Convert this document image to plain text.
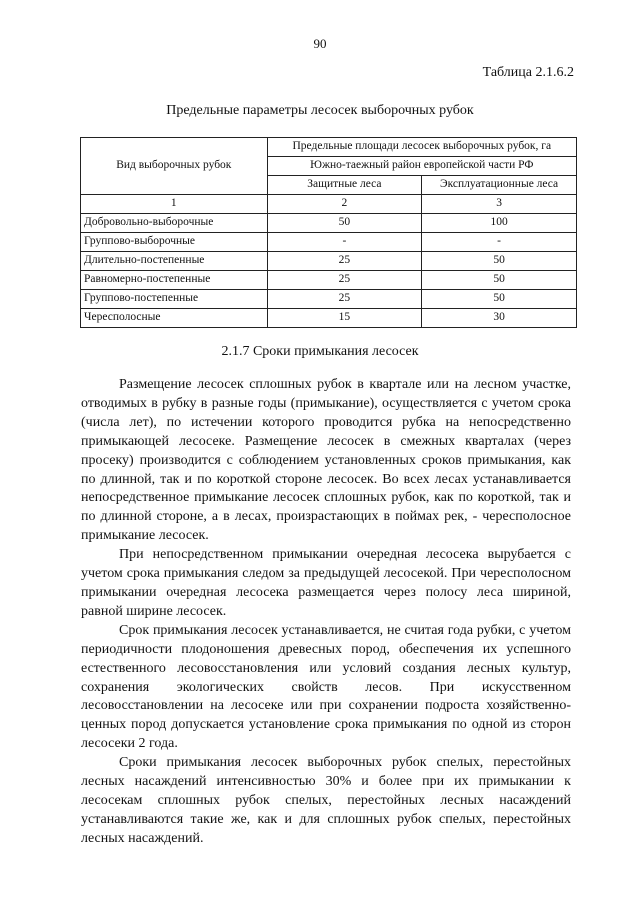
90
Таблица 2.1.6.2
Предельные параметры лесосек выборочных рубок
Вид выборочных рубок	Предельные площади лесосек выборочных рубок, га	
	Южно-таежный район европейской части РФ	
	Защитные леса	Эксплуатационные леса
1	2	3
Добровольно-выборочные	50	100
Группово-выборочные	-	-
Длительно-постепенные	25	50
Равномерно-постепенные	25	50
Группово-постепенные	25	50
Чересполосные	15	30
2.1.7 Сроки примыкания лесосек

Размещение лесосек сплошных рубок в квартале или на лесном участке, отводимых в рубку в разные годы (примыкание), осуществляется с учетом срока (числа лет), по истечении которого проводится рубка на непосредственно примыкающей лесосеке. Размещение лесосек в смежных кварталах (через просеку) производится с соблюдением установленных сроков примыкания, как по длинной, так и по короткой стороне лесосек. Во всех лесах устанавливается непосредственное примыкание лесосек сплошных рубок, как по короткой, так и по длинной стороне, а в лесах, произрастающих в поймах рек, - чересполосное примыкание лесосек.

При непосредственном примыкании очередная лесосека вырубается с учетом срока примыкания следом за предыдущей лесосекой. При чересполосном примыкании очередная лесосека размещается через полосу леса шириной, равной ширине лесосек.

Срок примыкания лесосек устанавливается, не считая года рубки, с учетом периодичности плодоношения древесных пород, обеспечения их успешного естественного лесовосстановления или условий создания лесных культур, сохранения экологических свойств лесов. При искусственном лесовосстановлении на лесосеке или при сохранении подроста хозяйственно-ценных пород допускается установление срока примыкания по одной из сторон лесосеки 2 года.

Сроки примыкания лесосек выборочных рубок спелых, перестойных лесных насаждений интенсивностью 30% и более при их примыкании к лесосекам сплошных рубок спелых, перестойных лесных насаждений устанавливаются такие же, как и для сплошных рубок спелых, перестойных лесных насаждений.
